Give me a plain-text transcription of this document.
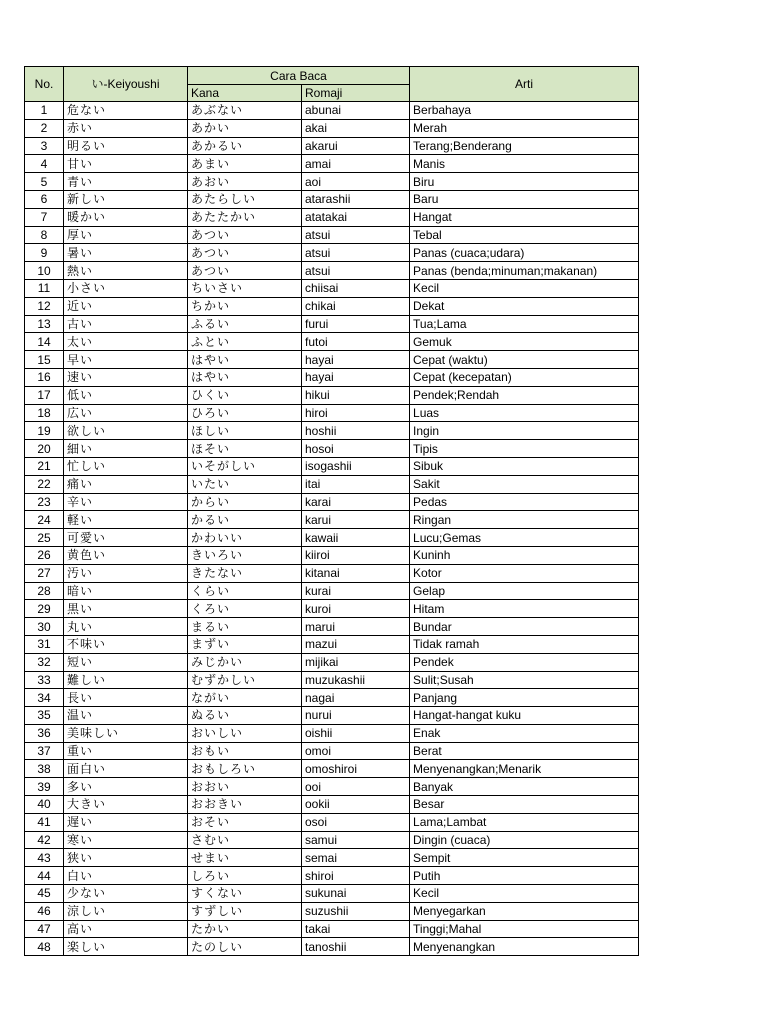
No.	い-Keiyoushi	Cara Baca		Arti
		Kana	Romaji	
1	危ない	あぶない	abunai	Berbahaya
2	赤い	あかい	akai	Merah
3	明るい	あかるい	akarui	Terang;Benderang
4	甘い	あまい	amai	Manis
5	青い	あおい	aoi	Biru
6	新しい	あたらしい	atarashii	Baru
7	暖かい	あたたかい	atatakai	Hangat
8	厚い	あつい	atsui	Tebal
9	暑い	あつい	atsui	Panas (cuaca;udara)
10	熱い	あつい	atsui	Panas (benda;minuman;makanan)
11	小さい	ちいさい	chiisai	Kecil
12	近い	ちかい	chikai	Dekat
13	古い	ふるい	furui	Tua;Lama
14	太い	ふとい	futoi	Gemuk
15	早い	はやい	hayai	Cepat (waktu)
16	速い	はやい	hayai	Cepat (kecepatan)
17	低い	ひくい	hikui	Pendek;Rendah
18	広い	ひろい	hiroi	Luas
19	欲しい	ほしい	hoshii	Ingin
20	細い	ほそい	hosoi	Tipis
21	忙しい	いそがしい	isogashii	Sibuk
22	痛い	いたい	itai	Sakit
23	辛い	からい	karai	Pedas
24	軽い	かるい	karui	Ringan
25	可愛い	かわいい	kawaii	Lucu;Gemas
26	黄色い	きいろい	kiiroi	Kuninh
27	汚い	きたない	kitanai	Kotor
28	暗い	くらい	kurai	Gelap
29	黒い	くろい	kuroi	Hitam
30	丸い	まるい	marui	Bundar
31	不味い	まずい	mazui	Tidak ramah
32	短い	みじかい	mijikai	Pendek
33	難しい	むずかしい	muzukashii	Sulit;Susah
34	長い	ながい	nagai	Panjang
35	温い	ぬるい	nurui	Hangat-hangat kuku
36	美味しい	おいしい	oishii	Enak
37	重い	おもい	omoi	Berat
38	面白い	おもしろい	omoshiroi	Menyenangkan;Menarik
39	多い	おおい	ooi	Banyak
40	大きい	おおきい	ookii	Besar
41	遅い	おそい	osoi	Lama;Lambat
42	寒い	さむい	samui	Dingin (cuaca)
43	狭い	せまい	semai	Sempit
44	白い	しろい	shiroi	Putih
45	少ない	すくない	sukunai	Kecil
46	涼しい	すずしい	suzushii	Menyegarkan
47	高い	たかい	takai	Tinggi;Mahal
48	楽しい	たのしい	tanoshii	Menyenangkan
